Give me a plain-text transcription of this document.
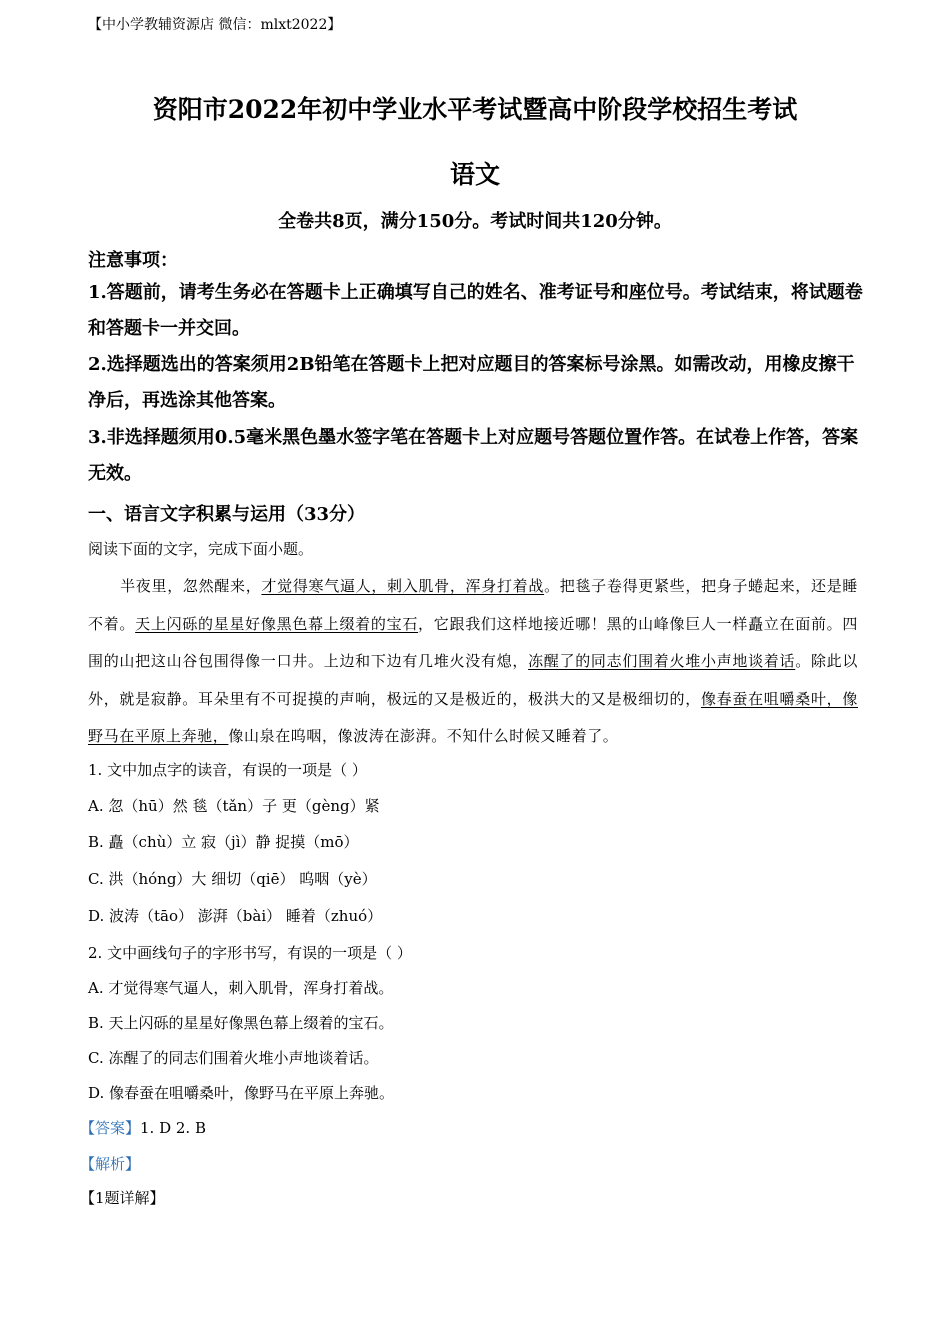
【中小学教辅资源店 微信：mlxt2022】
资阳市2022年初中学业水平考试暨高中阶段学校招生考试
语文
全卷共8页，满分150分。考试时间共120分钟。
注意事项：
1.答题前，请考生务必在答题卡上正确填写自己的姓名、准考证号和座位号。考试结束，将试题卷和答题卡一并交回。
2.选择题选出的答案须用2B铅笔在答题卡上把对应题目的答案标号涂黑。如需改动，用橡皮擦干净后，再选涂其他答案。
3.非选择题须用0.5毫米黑色墨水签字笔在答题卡上对应题号答题位置作答。在试卷上作答，答案无效。
一、语言文字积累与运用（33分）
阅读下面的文字，完成下面小题。
半夜里，忽然醒来，才觉得寒气逼人，刺入肌骨，浑身打着战。把毯子卷得更紧些，把身子蜷起来，还是睡不着。天上闪砾的星星好像黑色幕上缀着的宝石，它跟我们这样地接近哪！黑的山峰像巨人一样矗立在面前。四围的山把这山谷包围得像一口井。上边和下边有几堆火没有熄，冻醒了的同志们围着火堆小声地谈着话。除此以外，就是寂静。耳朵里有不可捉摸的声响，极远的又是极近的，极洪大的又是极细切的，像春蚕在咀嚼桑叶，像野马在平原上奔驰，像山泉在呜咽，像波涛在澎湃。不知什么时候又睡着了。
1. 文中加点字的读音，有误的一项是（ ）
A. 忽（hū）然 毯（tǎn）子 更（gèng）紧
B. 矗（chù）立 寂（jì）静 捉摸（mō）
C. 洪（hóng）大 细切（qiē） 呜咽（yè）
D. 波涛（tāo） 澎湃（bài） 睡着（zhuó）
2. 文中画线句子的字形书写，有误的一项是（ ）
A. 才觉得寒气逼人，刺入肌骨，浑身打着战。
B. 天上闪砾的星星好像黑色幕上缀着的宝石。
C. 冻醒了的同志们围着火堆小声地谈着话。
D. 像春蚕在咀嚼桑叶，像野马在平原上奔驰。
【答案】1. D 2. B
【解析】
【1题详解】
